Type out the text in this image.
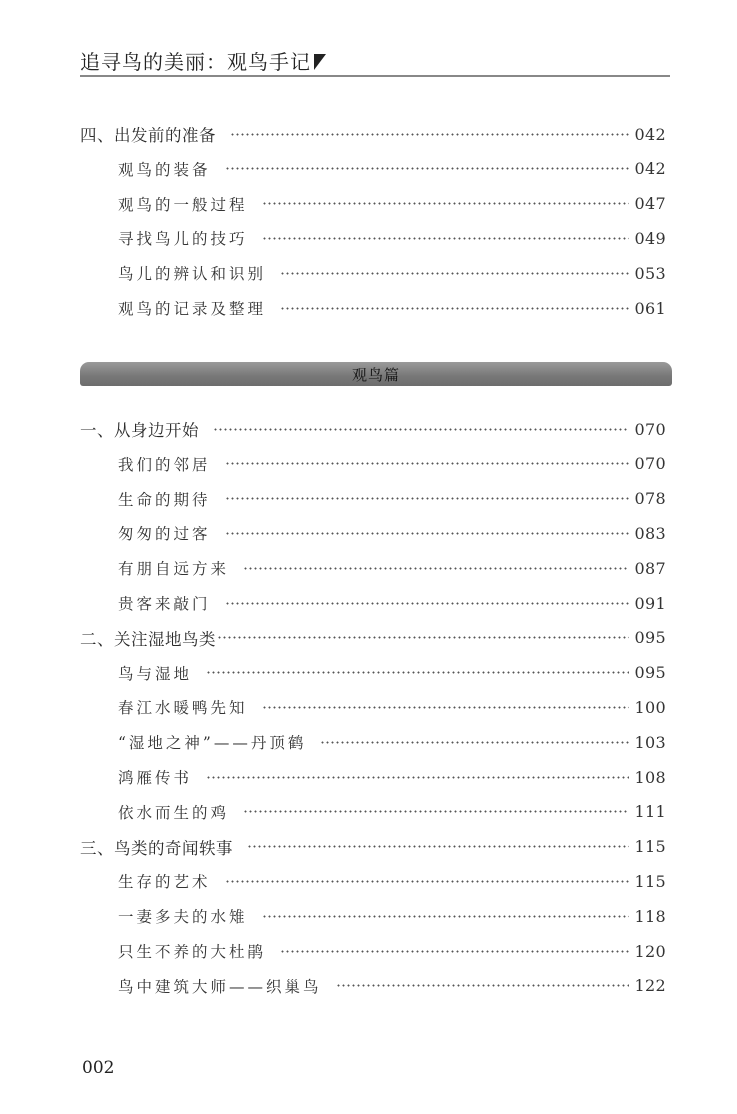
追寻鸟的美丽：观鸟手记
四、出发前的准备	042
观鸟的装备	042
观鸟的一般过程	047
寻找鸟儿的技巧	049
鸟儿的辨认和识别	053
观鸟的记录及整理	061
观鸟篇
一、从身边开始	070
我们的邻居	070
生命的期待	078
匆匆的过客	083
有朋自远方来	087
贵客来敲门	091
二、关注湿地鸟类	095
鸟与湿地	095
春江水暖鸭先知	100
“湿地之神”——丹顶鹤	103
鸿雁传书	108
依水而生的鸡	111
三、鸟类的奇闻轶事	115
生存的艺术	115
一妻多夫的水雉	118
只生不养的大杜鹃	120
鸟中建筑大师——织巢鸟	122
002
